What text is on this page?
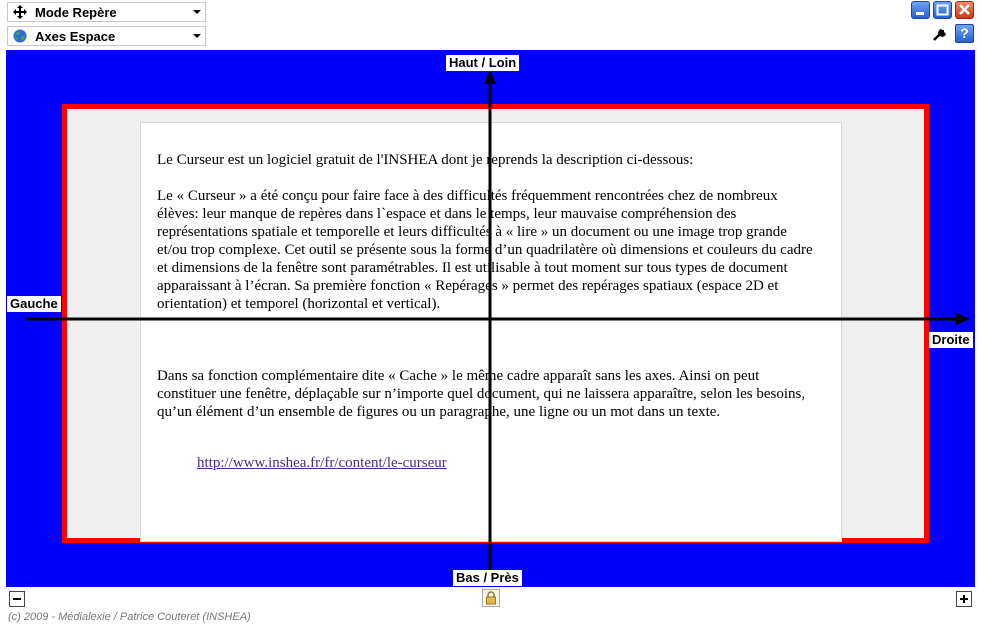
Mode Repère
Axes Espace	?

Le Curseur est un logiciel gratuit de l'INSHEA dont je reprends la description ci-dessous:

Le « Curseur » a été conçu pour faire face à des difficultés fréquemment rencontrées chez de nombreux élèves: leur manque de repères dans l`espace et dans le temps, leur mauvaise compréhension des représentations spatiale et temporelle et leurs difficultés à « lire » un document ou une image trop grande et/ou trop complexe. Cet outil se présente sous la forme d’un quadrilatère où dimensions et couleurs du cadre et dimensions de la fenêtre sont paramétrables. Il est utilisable à tout moment sur tous types de document apparaissant à l’écran. Sa première fonction « Repérages » permet des repérages spatiaux (espace 2D et orientation) et temporel (horizontal et vertical).

Dans sa fonction complémentaire dite « Cache » le même cadre apparaît sans les axes. Ainsi on peut constituer une fenêtre, déplaçable sur n’importe quel document, qui ne laissera apparaître, selon les besoins, qu’un élément d’un ensemble de figures ou un paragraphe, une ligne ou un mot dans un texte.

http://www.inshea.fr/fr/content/le-curseur
Haut / Loin
Bas / Près
Gauche
Droite
(c) 2009 - Médialexie / Patrice Couteret (INSHEA)
